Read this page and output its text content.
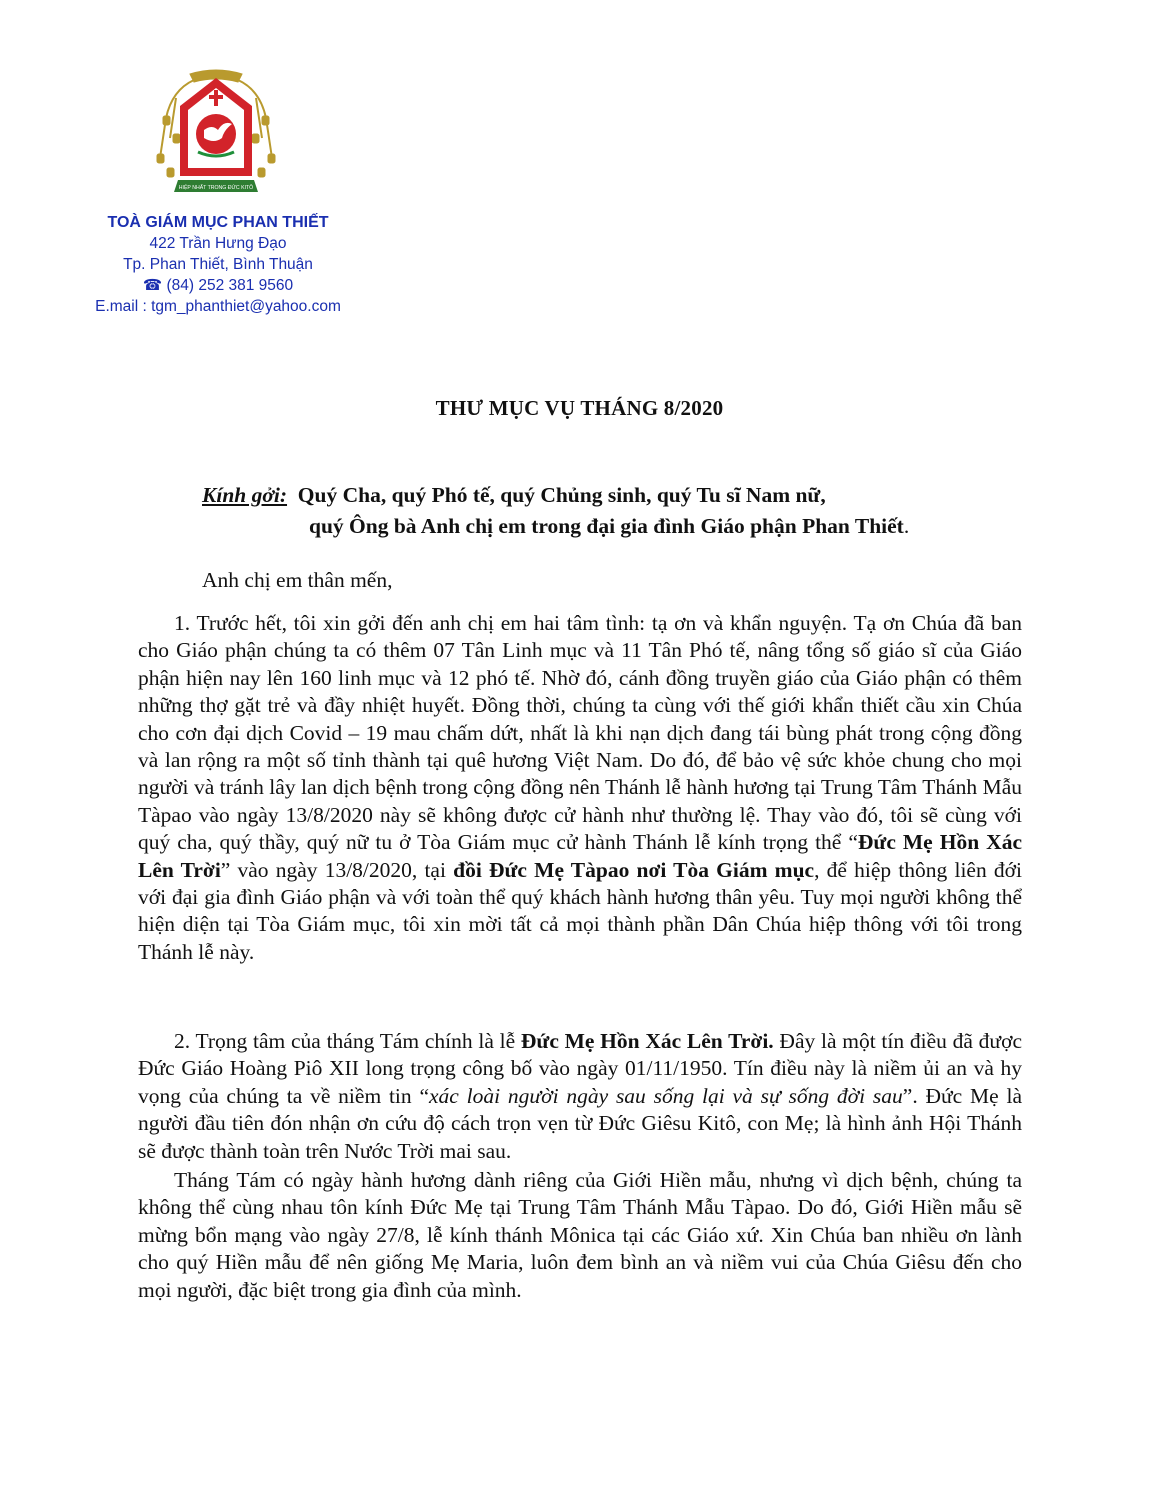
HIỆP NHẤT TRONG ĐỨC KITÔ
TOÀ GIÁM MỤC PHAN THIẾT
422 Trần Hưng Đạo
Tp. Phan Thiết, Bình Thuận
☎ (84) 252 381 9560
E.mail : tgm_phanthiet@yahoo.com
THƯ MỤC VỤ THÁNG 8/2020
Kính gởi: Quý Cha, quý Phó tế, quý Chủng sinh, quý Tu sĩ Nam nữ,
quý Ông bà Anh chị em trong đại gia đình Giáo phận Phan Thiết.
Anh chị em thân mến,

1. Trước hết, tôi xin gởi đến anh chị em hai tâm tình: tạ ơn và khẩn nguyện. Tạ ơn Chúa đã ban cho Giáo phận chúng ta có thêm 07 Tân Linh mục và 11 Tân Phó tế, nâng tổng số giáo sĩ của Giáo phận hiện nay lên 160 linh mục và 12 phó tế. Nhờ đó, cánh đồng truyền giáo của Giáo phận có thêm những thợ gặt trẻ và đầy nhiệt huyết. Đồng thời, chúng ta cùng với thế giới khẩn thiết cầu xin Chúa cho cơn đại dịch Covid – 19 mau chấm dứt, nhất là khi nạn dịch đang tái bùng phát trong cộng đồng và lan rộng ra một số tỉnh thành tại quê hương Việt Nam. Do đó, để bảo vệ sức khỏe chung cho mọi người và tránh lây lan dịch bệnh trong cộng đồng nên Thánh lễ hành hương tại Trung Tâm Thánh Mẫu Tàpao vào ngày 13/8/2020 này sẽ không được cử hành như thường lệ. Thay vào đó, tôi sẽ cùng với quý cha, quý thầy, quý nữ tu ở Tòa Giám mục cử hành Thánh lễ kính trọng thể “Đức Mẹ Hồn Xác Lên Trời” vào ngày 13/8/2020, tại đồi Đức Mẹ Tàpao nơi Tòa Giám mục, để hiệp thông liên đới với đại gia đình Giáo phận và với toàn thể quý khách hành hương thân yêu. Tuy mọi người không thể hiện diện tại Tòa Giám mục, tôi xin mời tất cả mọi thành phần Dân Chúa hiệp thông với tôi trong Thánh lễ này.

2. Trọng tâm của tháng Tám chính là lễ Đức Mẹ Hồn Xác Lên Trời. Đây là một tín điều đã được Đức Giáo Hoàng Piô XII long trọng công bố vào ngày 01/11/1950. Tín điều này là niềm ủi an và hy vọng của chúng ta về niềm tin “xác loài người ngày sau sống lại và sự sống đời sau”. Đức Mẹ là người đầu tiên đón nhận ơn cứu độ cách trọn vẹn từ Đức Giêsu Kitô, con Mẹ; là hình ảnh Hội Thánh sẽ được thành toàn trên Nước Trời mai sau.

Tháng Tám có ngày hành hương dành riêng của Giới Hiền mẫu, nhưng vì dịch bệnh, chúng ta không thể cùng nhau tôn kính Đức Mẹ tại Trung Tâm Thánh Mẫu Tàpao. Do đó, Giới Hiền mẫu sẽ mừng bổn mạng vào ngày 27/8, lễ kính thánh Mônica tại các Giáo xứ. Xin Chúa ban nhiều ơn lành cho quý Hiền mẫu để nên giống Mẹ Maria, luôn đem bình an và niềm vui của Chúa Giêsu đến cho mọi người, đặc biệt trong gia đình của mình.
